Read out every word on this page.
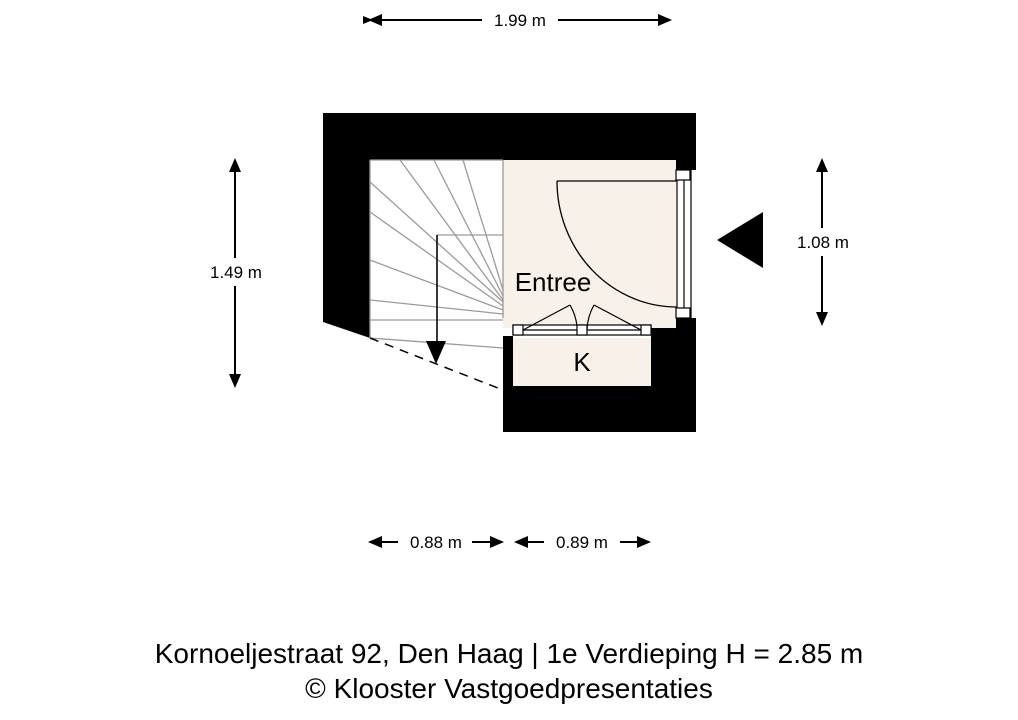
1.99 m
1.49 m
1.08 m
0.88 m	0.89 m
Entree
K
Kornoeljestraat 92, Den Haag | 1e Verdieping H = 2.85 m
© Klooster Vastgoedpresentaties
